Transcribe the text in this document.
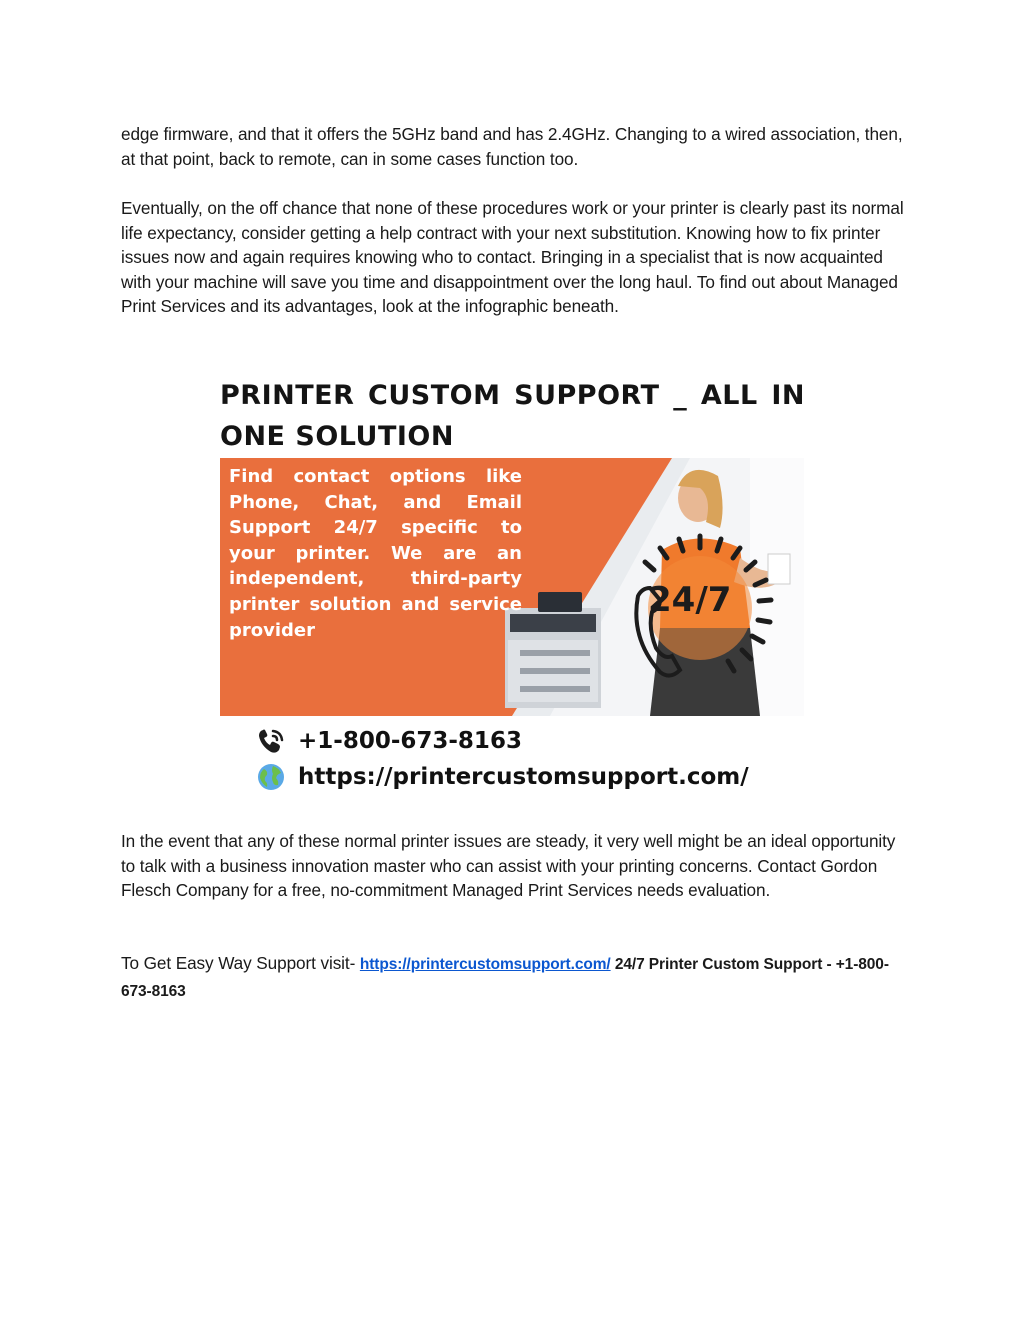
edge firmware, and that it offers the 5GHz band and has 2.4GHz. Changing to a wired association, then, at that point, back to remote, can in some cases function too.

Eventually, on the off chance that none of these procedures work or your printer is clearly past its normal life expectancy, consider getting a help contract with your next substitution. Knowing how to fix printer issues now and again requires knowing who to contact. Bringing in a specialist that is now acquainted with your machine will save you time and disappointment over the long haul. To find out about Managed Print Services and its advantages, look at the infographic beneath.

PRINTER CUSTOM SUPPORT _ ALL IN ONE SOLUTION

Find contact options like Phone, Chat, and Email Support 24/7 specific to your printer. We are an independent, third-party printer solution and service provider

24/7
+1-800-673-8163
https://printercustomsupport.com/

In the event that any of these normal printer issues are steady, it very well might be an ideal opportunity to talk with a business innovation master who can assist with your printing concerns. Contact Gordon Flesch Company for a free, no-commitment Managed Print Services needs evaluation.

To Get Easy Way Support visit- https://printercustomsupport.com/ 24/7 Printer Custom Support - +1-800-673-8163
